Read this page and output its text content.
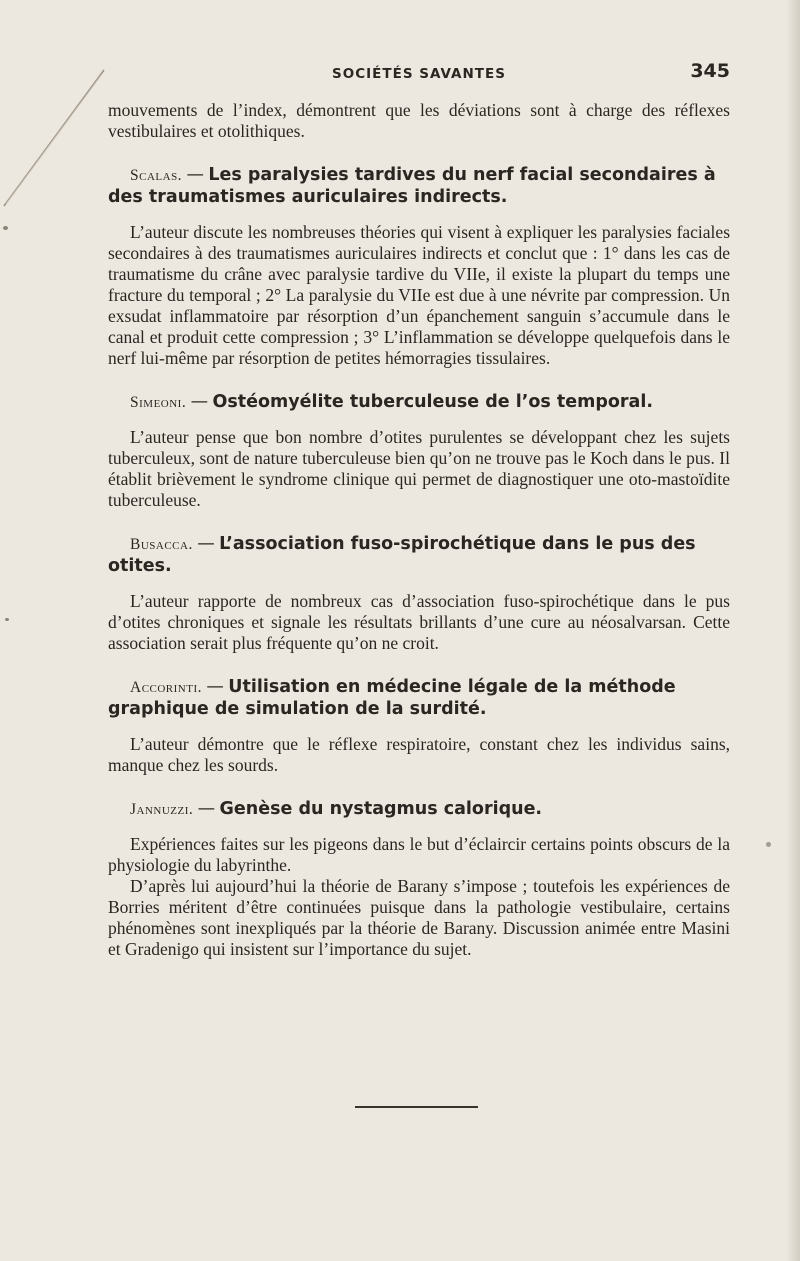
SOCIÉTÉS SAVANTES	345

mouvements de l’index, démontrent que les déviations sont à charge des réflexes vestibulaires et otolithiques.

Scalas. — Les paralysies tardives du nerf facial secondaires à des traumatismes auriculaires indirects.

L’auteur discute les nombreuses théories qui visent à expliquer les paralysies faciales secondaires à des traumatismes auriculaires indirects et conclut que : 1° dans les cas de traumatisme du crâne avec paralysie tardive du VIIe, il existe la plupart du temps une fracture du temporal ; 2° La paralysie du VIIe est due à une névrite par compression. Un exsudat inflammatoire par résorption d’un épanchement sanguin s’accumule dans le canal et produit cette compression ; 3° L’inflammation se développe quelquefois dans le nerf lui-même par résorption de petites hémorragies tissulaires.

Simeoni. — Ostéomyélite tuberculeuse de l’os temporal.

L’auteur pense que bon nombre d’otites purulentes se développant chez les sujets tuberculeux, sont de nature tuberculeuse bien qu’on ne trouve pas le Koch dans le pus. Il établit brièvement le syndrome clinique qui permet de diagnostiquer une oto-mastoïdite tuberculeuse.

Busacca. — L’association fuso-spirochétique dans le pus des otites.

L’auteur rapporte de nombreux cas d’association fuso-spirochétique dans le pus d’otites chroniques et signale les résultats brillants d’une cure au néosalvarsan. Cette association serait plus fréquente qu’on ne croit.

Accorinti. — Utilisation en médecine légale de la méthode graphique de simulation de la surdité.

L’auteur démontre que le réflexe respiratoire, constant chez les individus sains, manque chez les sourds.

Jannuzzi. — Genèse du nystagmus calorique.

Expériences faites sur les pigeons dans le but d’éclaircir certains points obscurs de la physiologie du labyrinthe.

D’après lui aujourd’hui la théorie de Barany s’impose ; toutefois les expériences de Borries méritent d’être continuées puisque dans la pathologie vestibulaire, certains phénomènes sont inexpliqués par la théorie de Barany. Discussion animée entre Masini et Gradenigo qui insistent sur l’importance du sujet.
